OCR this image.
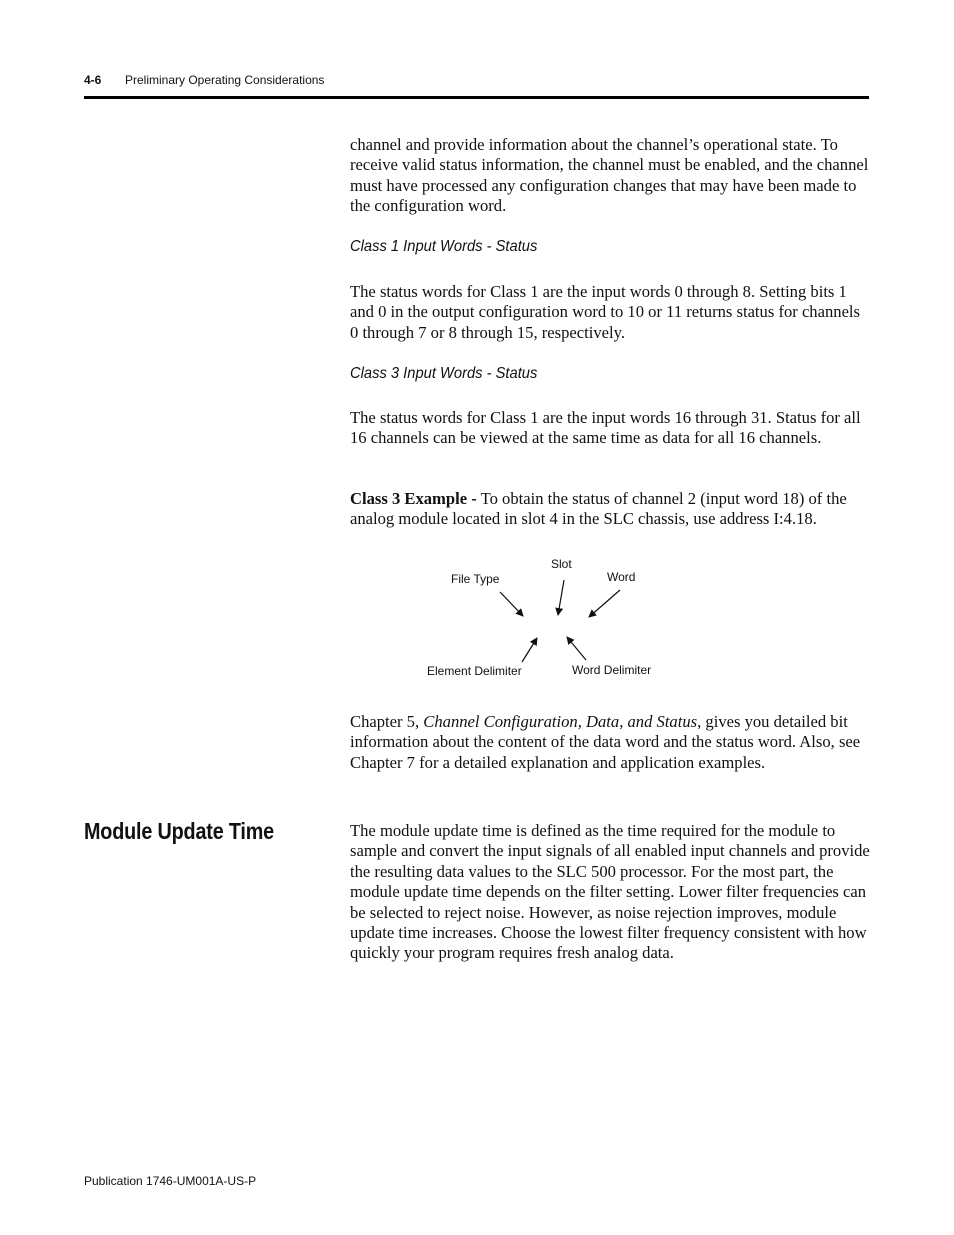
4-6 Preliminary Operating Considerations

channel and provide information about the channel’s operational state. To receive valid status information, the channel must be enabled, and the channel must have processed any configuration changes that may have been made to the configuration word.

Class 1 Input Words - Status

The status words for Class 1 are the input words 0 through 8. Setting bits 1 and 0 in the output configuration word to 10 or 11 returns status for channels 0 through 7 or 8 through 15, respectively.

Class 3 Input Words - Status

The status words for Class 1 are the input words 16 through 31. Status for all 16 channels can be viewed at the same time as data for all 16 channels.

Class 3 Example - To obtain the status of channel 2 (input word 18) of the analog module located in slot 4 in the SLC chassis, use address I:4.18.

File Type
Slot
Word
Element Delimiter	Word Delimiter

Chapter 5, Channel Configuration, Data, and Status, gives you detailed bit information about the content of the data word and the status word. Also, see Chapter 7 for a detailed explanation and application examples.

Module Update Time	The module update time is defined as the time required for the module to sample and convert the input signals of all enabled input channels and provide the resulting data values to the SLC 500 processor. For the most part, the module update time depends on the filter setting. Lower filter frequencies can be selected to reject noise. However, as noise rejection improves, module update time increases. Choose the lowest filter frequency consistent with how quickly your program requires fresh analog data.

Publication 1746-UM001A-US-P
